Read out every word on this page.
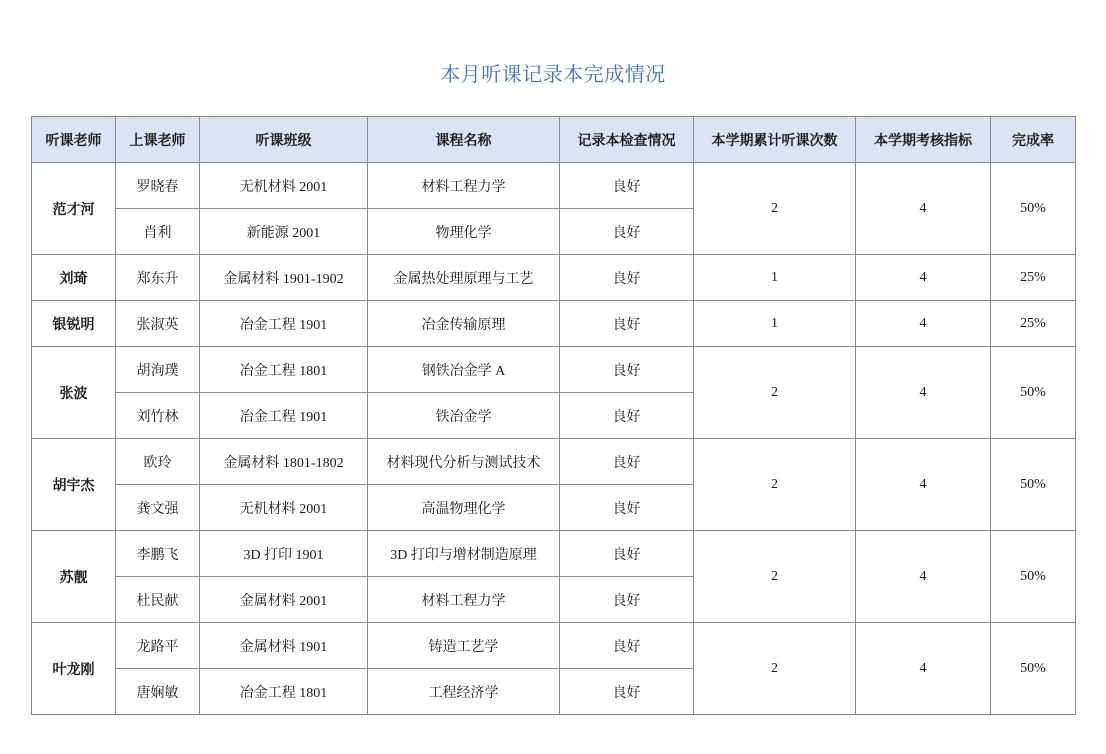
本月听课记录本完成情况
听课老师	上课老师	听课班级	课程名称	记录本检查情况	本学期累计听课次数	本学期考核指标	完成率
范才河	罗晓春	无机材料 2001	材料工程力学	良好	2	4	50%
	肖利	新能源 2001	物理化学	良好			
刘琦	郑东升	金属材料 1901-1902	金属热处理原理与工艺	良好	1	4	25%
银锐明	张淑英	冶金工程 1901	冶金传输原理	良好	1	4	25%
张波	胡洵璞	冶金工程 1801	钢铁冶金学 A	良好	2	4	50%
	刘竹林	冶金工程 1901	铁冶金学	良好			
胡宇杰	欧玲	金属材料 1801-1802	材料现代分析与测试技术	良好	2	4	50%
	龚文强	无机材料 2001	高温物理化学	良好			
苏靓	李鹏飞	3D 打印 1901	3D 打印与增材制造原理	良好	2	4	50%
	杜民献	金属材料 2001	材料工程力学	良好			
叶龙刚	龙路平	金属材料 1901	铸造工艺学	良好	2	4	50%
	唐娴敏	冶金工程 1801	工程经济学	良好			
